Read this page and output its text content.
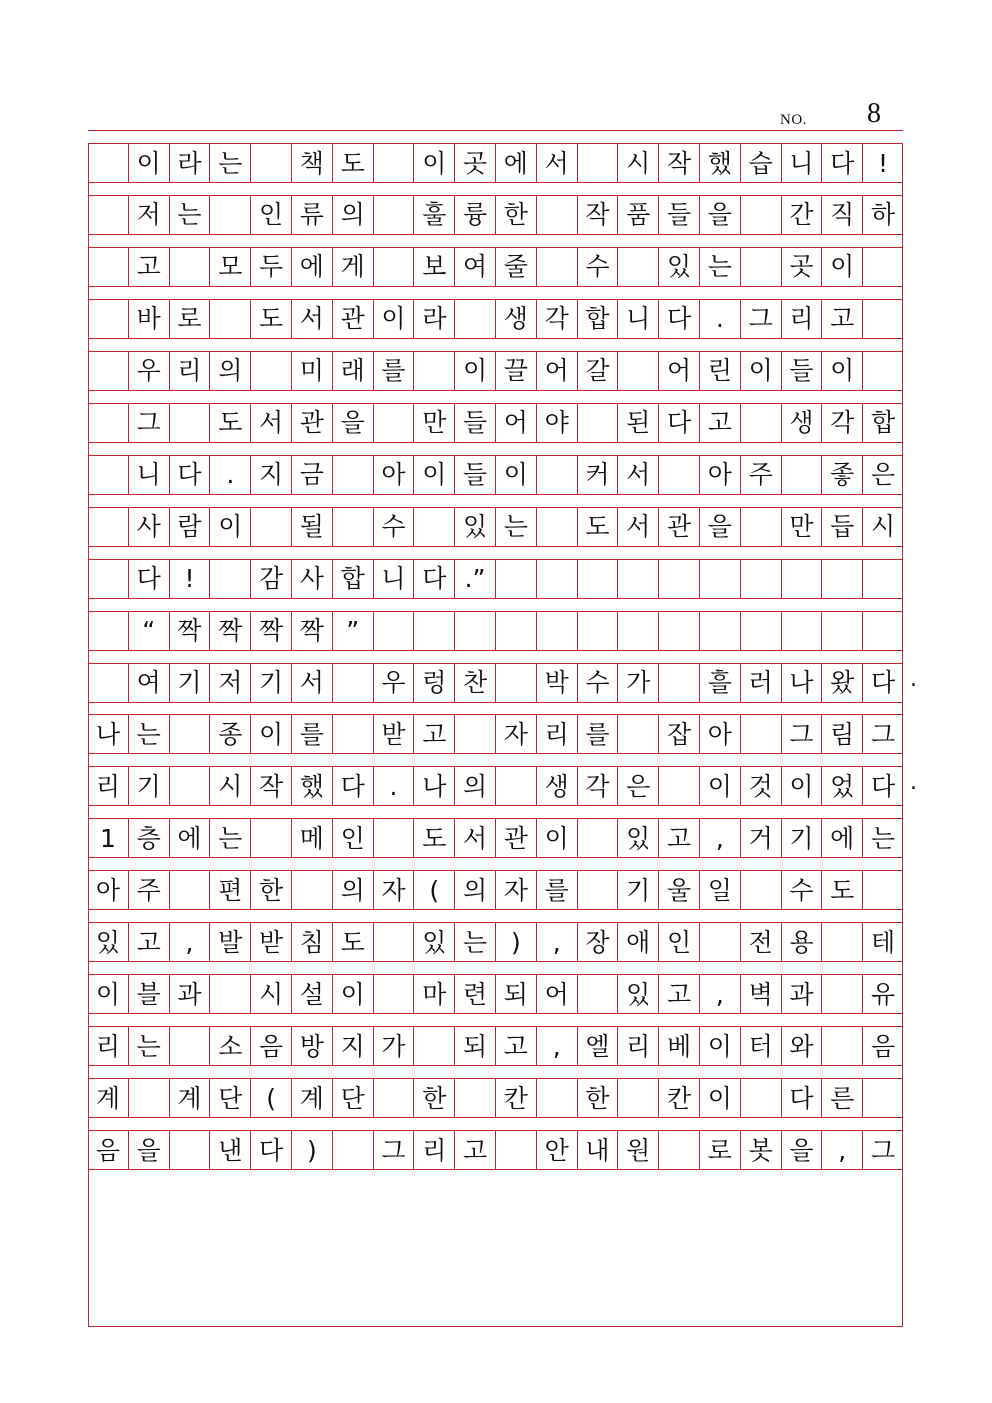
NO. 8
이 라 는	책 도	이 곳 에 서	시 작 했 습 니 다 !
저 는	인 류 의	훌 륭 한	작 품 들 을	간 직 하
고	모 두 에 게	보 여 줄	수	있 는	곳 이
바 로	도 서 관 이 라	생 각 합 니 다 . 그 리 고
우 리 의	미 래 를	이 끌 어 갈	어 린 이 들 이
그	도 서 관 을	만 들 어 야	된 다 고	생 각 합
니 다 . 지 금	아 이 들 이	커 서	아 주	좋 은
사 람 이	될	수	있 는	도 서 관 을	만 듭 시
다 !	감 사 합 니 다 .”
“ 짝 짝 짝 짝 ”
여 기 저 기 서	우 렁 찬	박 수 가	흘 러 나 왔 다
나 는	종 이 를	받 고	자 리 를	잡 아	그 림 그
리 기	시 작 했 다 . 나 의	생 각 은	이 것 이 었 다
1 층 에 는	메 인	도 서 관 이	있 고 , 거 기 에 는
아 주	편 한	의 자 ( 의 자 를	기 울 일	수 도
있 고 , 발 받 침 도	있 는 )	, 장 애 인	전 용	테
이 블 과	시 설 이	마 련 되 어	있 고 , 벽 과	유
리 는	소 음 방 지 가	되 고 , 엘 리 베 이 터 와	음
계	계 단 ( 계 단	한	칸	한	칸 이	다 른
음 을	낸 다 )	그 리 고	안 내 원	로 봇 을 , 그
.
.
